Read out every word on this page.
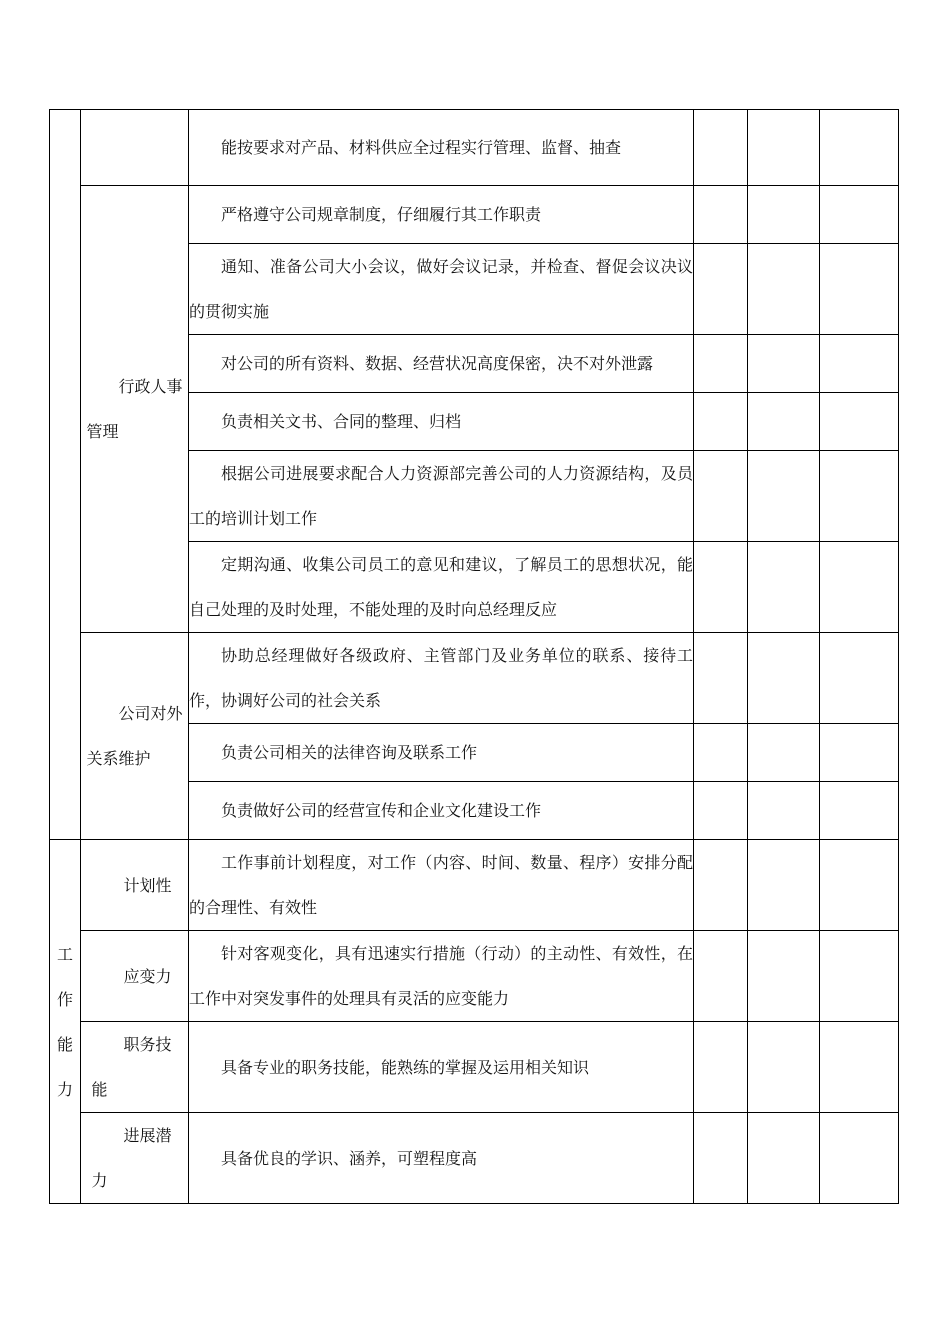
		能按要求对产品、材料供应全过程实行管理、监督、抽查			

	行政人事管理	严格遵守公司规章制度，仔细履行其工作职责			

		通知、准备公司大小会议，做好会议记录，并检查、督促会议决议的贯彻实施			

		对公司的所有资料、数据、经营状况高度保密，决不对外泄露			

		负责相关文书、合同的整理、归档			

		根据公司进展要求配合人力资源部完善公司的人力资源结构，及员工的培训计划工作			

		定期沟通、收集公司员工的意见和建议，了解员工的思想状况，能自己处理的及时处理，不能处理的及时向总经理反应			

	公司对外关系维护	协助总经理做好各级政府、主管部门及业务单位的联系、接待工作，协调好公司的社会关系			

		负责公司相关的法律咨询及联系工作			

		负责做好公司的经营宣传和企业文化建设工作			

工作能力	计划性	工作事前计划程度，对工作（内容、时间、数量、程序）安排分配的合理性、有效性			

	应变力	针对客观变化，具有迅速实行措施（行动）的主动性、有效性，在工作中对突发事件的处理具有灵活的应变能力			

	职务技能	具备专业的职务技能，能熟练的掌握及运用相关知识			

	进展潜力	具备优良的学识、涵养，可塑程度高			
